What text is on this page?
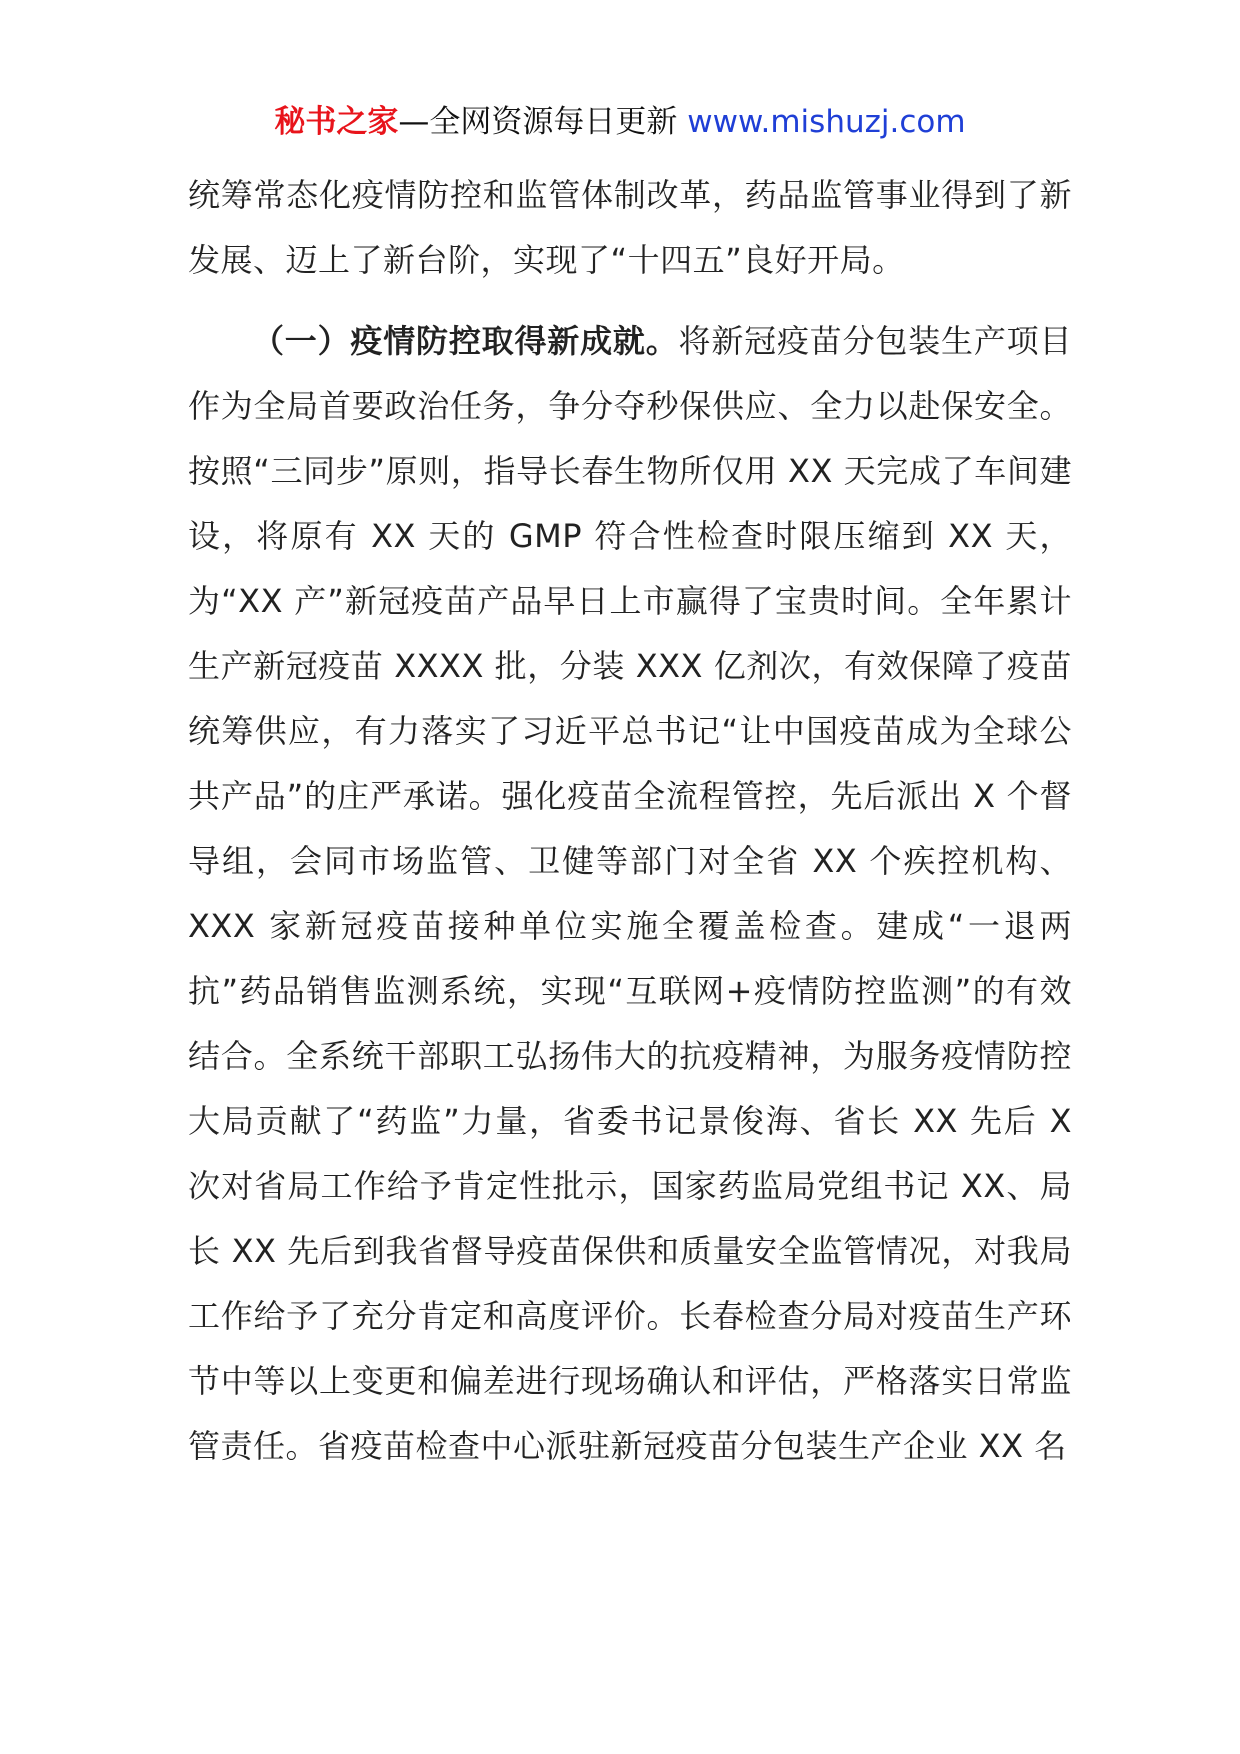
秘书之家—全网资源每日更新 www.mishuzj.com

统筹常态化疫情防控和监管体制改革，药品监管事业得到了新发展、迈上了新台阶，实现了“十四五”良好开局。

（一）疫情防控取得新成就。将新冠疫苗分包装生产项目作为全局首要政治任务，争分夺秒保供应、全力以赴保安全。按照“三同步”原则，指导长春生物所仅用 XX 天完成了车间建设，将原有 XX 天的 GMP 符合性检查时限压缩到 XX 天，为“XX 产”新冠疫苗产品早日上市赢得了宝贵时间。全年累计生产新冠疫苗 XXXX 批，分装 XXX 亿剂次，有效保障了疫苗统筹供应，有力落实了习近平总书记“让中国疫苗成为全球公共产品”的庄严承诺。强化疫苗全流程管控，先后派出 X 个督导组，会同市场监管、卫健等部门对全省 XX 个疾控机构、XXX 家新冠疫苗接种单位实施全覆盖检查。建成“一退两抗”药品销售监测系统，实现“互联网+疫情防控监测”的有效结合。全系统干部职工弘扬伟大的抗疫精神，为服务疫情防控大局贡献了“药监”力量，省委书记景俊海、省长 XX 先后 X 次对省局工作给予肯定性批示，国家药监局党组书记 XX、局长 XX 先后到我省督导疫苗保供和质量安全监管情况，对我局工作给予了充分肯定和高度评价。长春检查分局对疫苗生产环节中等以上变更和偏差进行现场确认和评估，严格落实日常监管责任。省疫苗检查中心派驻新冠疫苗分包装生产企业 XX 名
